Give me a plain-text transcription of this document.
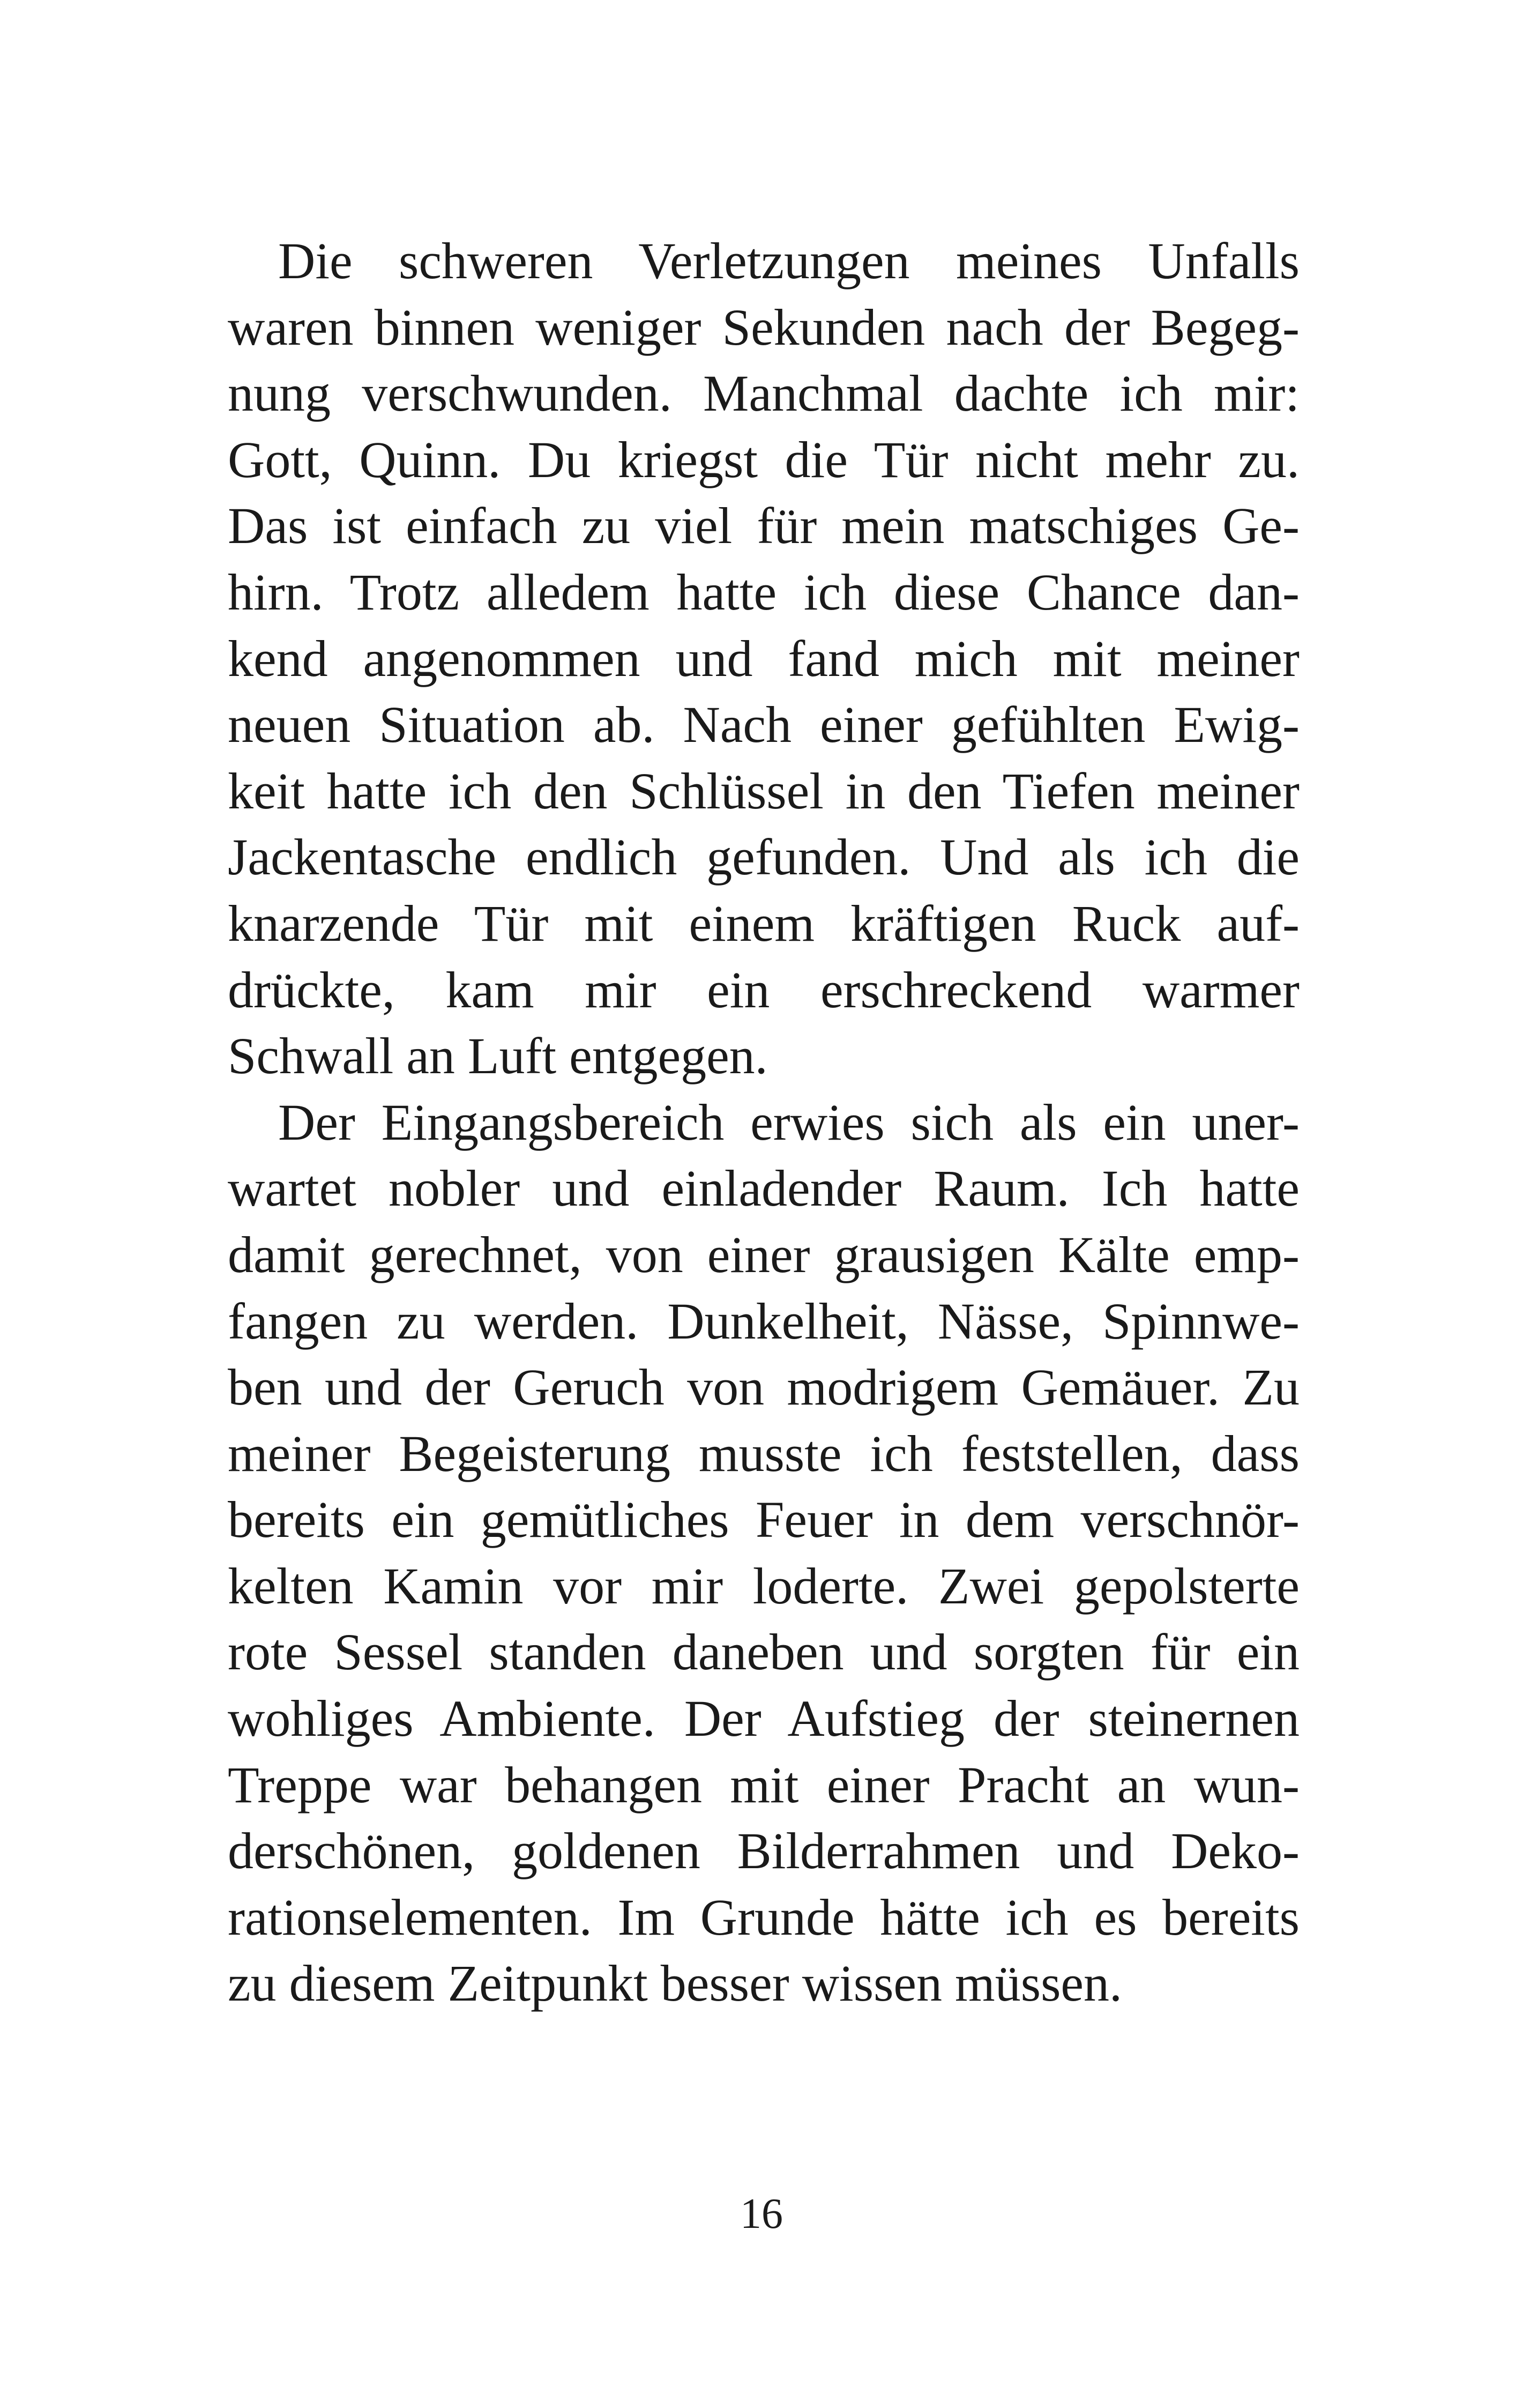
Die schweren Verletzungen meines Unfalls
waren binnen weniger Sekunden nach der Begeg-
nung verschwunden. Manchmal dachte ich mir:
Gott, Quinn. Du kriegst die Tür nicht mehr zu.
Das ist einfach zu viel für mein matschiges Ge-
hirn. Trotz alledem hatte ich diese Chance dan-
kend angenommen und fand mich mit meiner
neuen Situation ab. Nach einer gefühlten Ewig-
keit hatte ich den Schlüssel in den Tiefen meiner
Jackentasche endlich gefunden. Und als ich die
knarzende Tür mit einem kräftigen Ruck auf-
drückte, kam mir ein erschreckend warmer
Schwall an Luft entgegen.
Der Eingangsbereich erwies sich als ein uner-
wartet nobler und einladender Raum. Ich hatte
damit gerechnet, von einer grausigen Kälte emp-
fangen zu werden. Dunkelheit, Nässe, Spinnwe-
ben und der Geruch von modrigem Gemäuer. Zu
meiner Begeisterung musste ich feststellen, dass
bereits ein gemütliches Feuer in dem verschnör-
kelten Kamin vor mir loderte. Zwei gepolsterte
rote Sessel standen daneben und sorgten für ein
wohliges Ambiente. Der Aufstieg der steinernen
Treppe war behangen mit einer Pracht an wun-
derschönen, goldenen Bilderrahmen und Deko-
rationselementen. Im Grunde hätte ich es bereits
zu diesem Zeitpunkt besser wissen müssen.
16
